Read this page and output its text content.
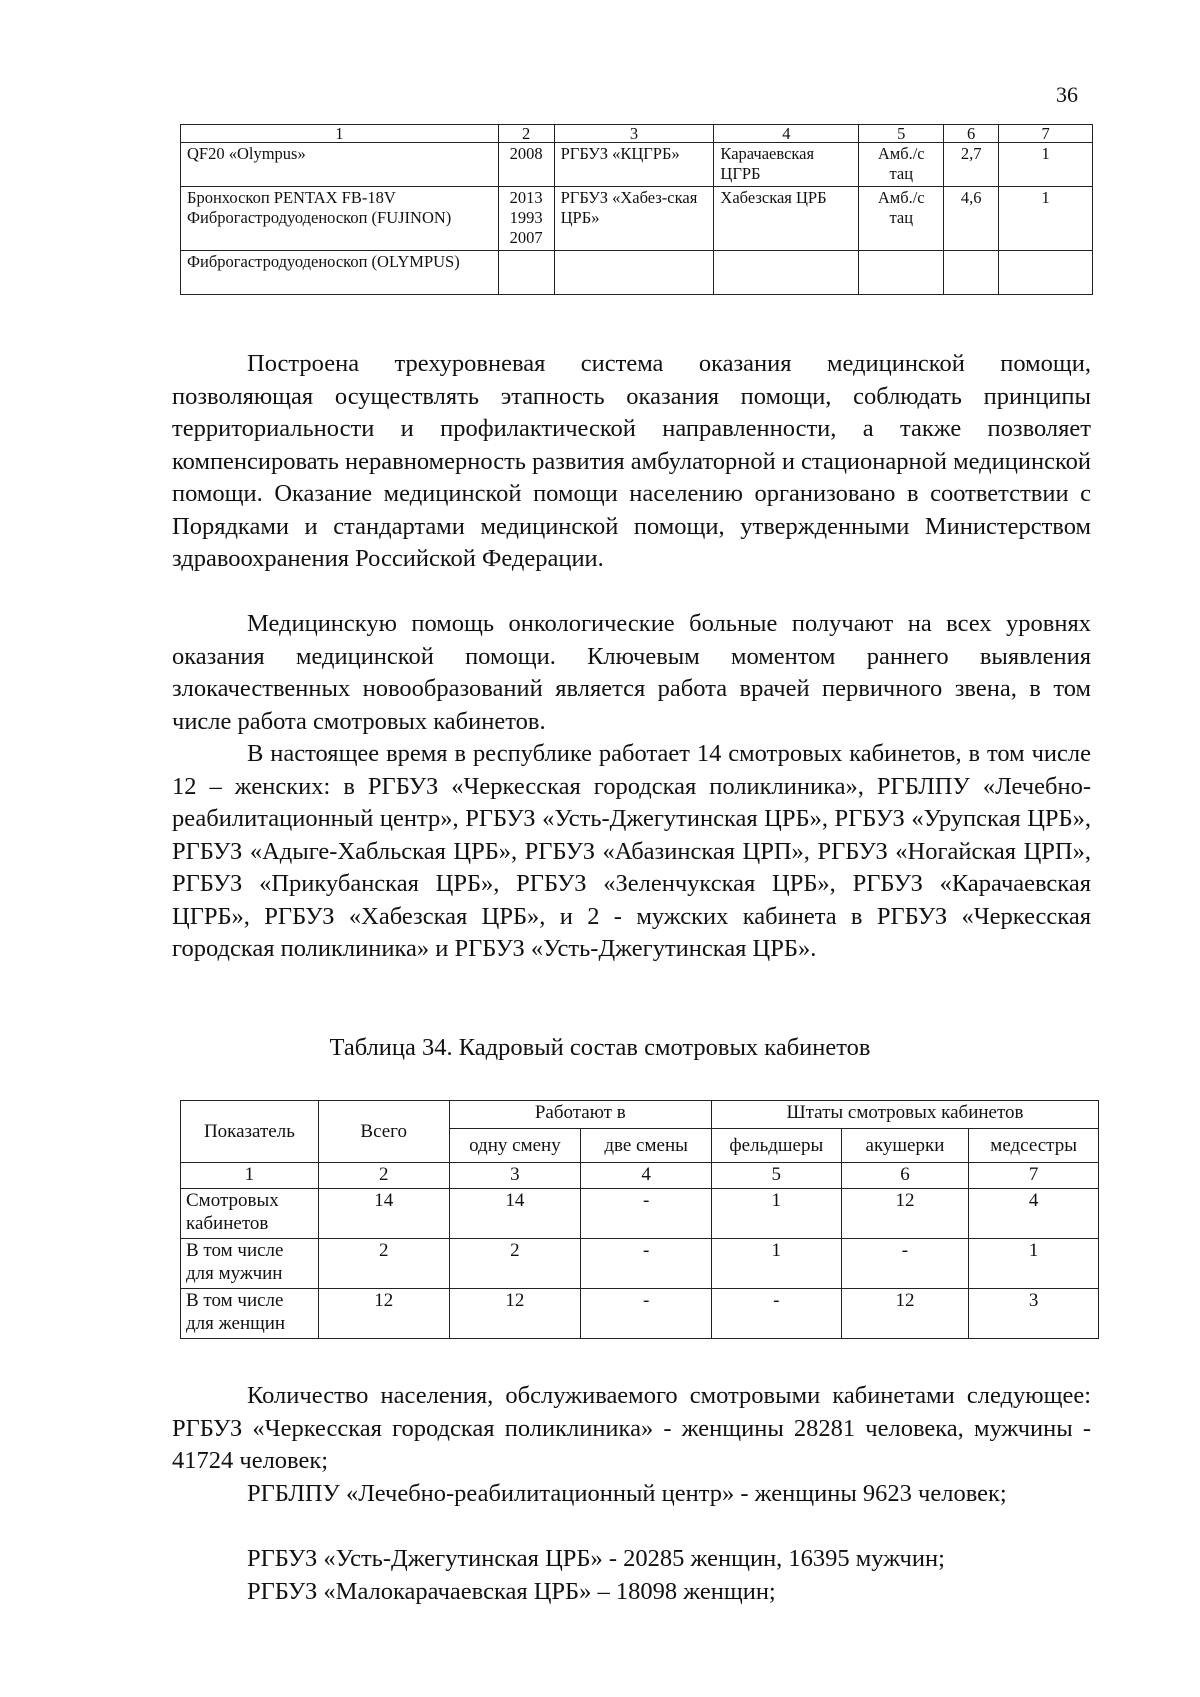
36
1	2	3	4	5	6	7
QF20 «Olympus»	2008	РГБУЗ «КЦГРБ»	Карачаевская ЦГРБ	Амб./с тац	2,7	1
Бронхоскоп PENTAX FB-18V Фиброгастродуоденоскоп (FUJINON)	2013 1993 2007	РГБУЗ «Хабез-ская ЦРБ»	Хабезская ЦРБ	Амб./с тац	4,6	1
Фиброгастродуоденоскоп (OLYMPUS)						

Построена трехуровневая система оказания медицинской помощи, позволяющая осуществлять этапность оказания помощи, соблюдать принципы территориальности и профилактической направленности, а также позволяет компенсировать неравномерность развития амбулаторной и стационарной медицинской помощи. Оказание медицинской помощи населению организовано в соответствии с Порядками и стандартами медицинской помощи, утвержденными Министерством здравоохранения Российской Федерации.

Медицинскую помощь онкологические больные получают на всех уровнях оказания медицинской помощи. Ключевым моментом раннего выявления злокачественных новообразований является работа врачей первичного звена, в том числе работа смотровых кабинетов.

В настоящее время в республике работает 14 смотровых кабинетов, в том числе 12 – женских: в РГБУЗ «Черкесская городская поликлиника», РГБЛПУ «Лечебно-реабилитационный центр», РГБУЗ «Усть-Джегутинская ЦРБ», РГБУЗ «Урупская ЦРБ», РГБУЗ «Адыге-Хабльская ЦРБ», РГБУЗ «Абазинская ЦРП», РГБУЗ «Ногайская ЦРП», РГБУЗ «Прикубанская ЦРБ», РГБУЗ «Зеленчукская ЦРБ», РГБУЗ «Карачаевская ЦГРБ», РГБУЗ «Хабезская ЦРБ», и 2 - мужских кабинета в РГБУЗ «Черкесская городская поликлиника» и РГБУЗ «Усть-Джегутинская ЦРБ».

Таблица 34. Кадровый состав смотровых кабинетов
Показатель	Всего	Работают в		Штаты смотровых кабинетов		
		одну смену	две смены	фельдшеры	акушерки	медсестры
1	2	3	4	5	6	7
Смотровых кабинетов	14	14	-	1	12	4
В том числе для мужчин	2	2	-	1	-	1
В том числе для женщин	12	12	-	-	12	3

Количество населения, обслуживаемого смотровыми кабинетами следующее: РГБУЗ «Черкесская городская поликлиника» - женщины 28281 человека, мужчины - 41724 человек;

РГБЛПУ «Лечебно-реабилитационный центр» - женщины 9623 человек;

РГБУЗ «Усть-Джегутинская ЦРБ» - 20285 женщин, 16395 мужчин;

РГБУЗ «Малокарачаевская ЦРБ» – 18098 женщин;
